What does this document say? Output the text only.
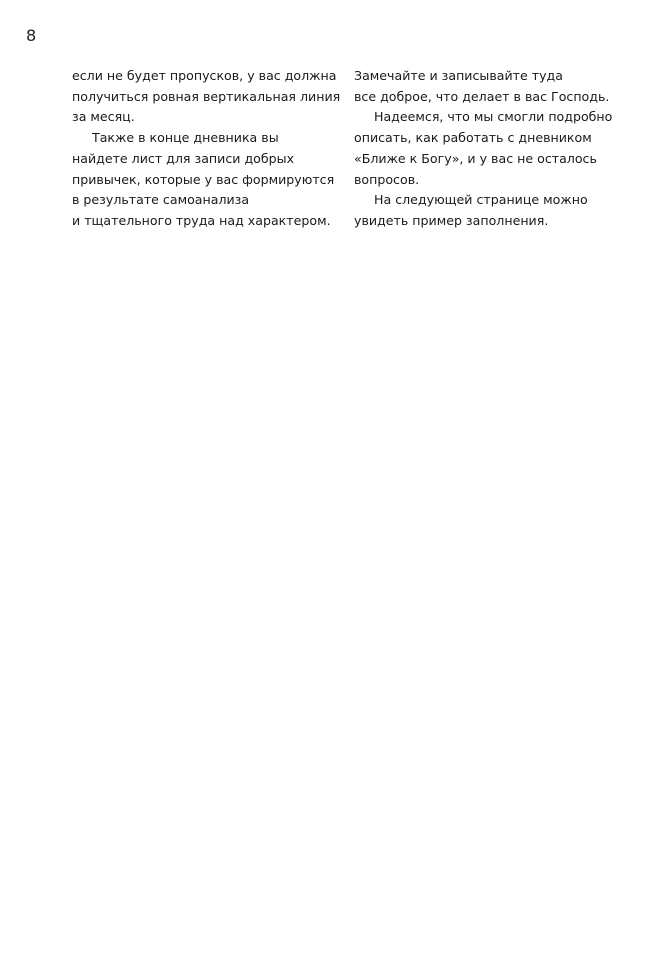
8

если не будет пропусков, у вас должна
получиться ровная вертикальная линия
за месяц.

Также в конце дневника вы
найдете лист для записи добрых
привычек, которые у вас формируются
в результате самоанализа
и тщательного труда над характером.

Замечайте и записывайте туда
все доброе, что делает в вас Господь.

Надеемся, что мы смогли подробно
описать, как работать с дневником
«Ближе к Богу», и у вас не осталось
вопросов.

На следующей странице можно
увидеть пример заполнения.
